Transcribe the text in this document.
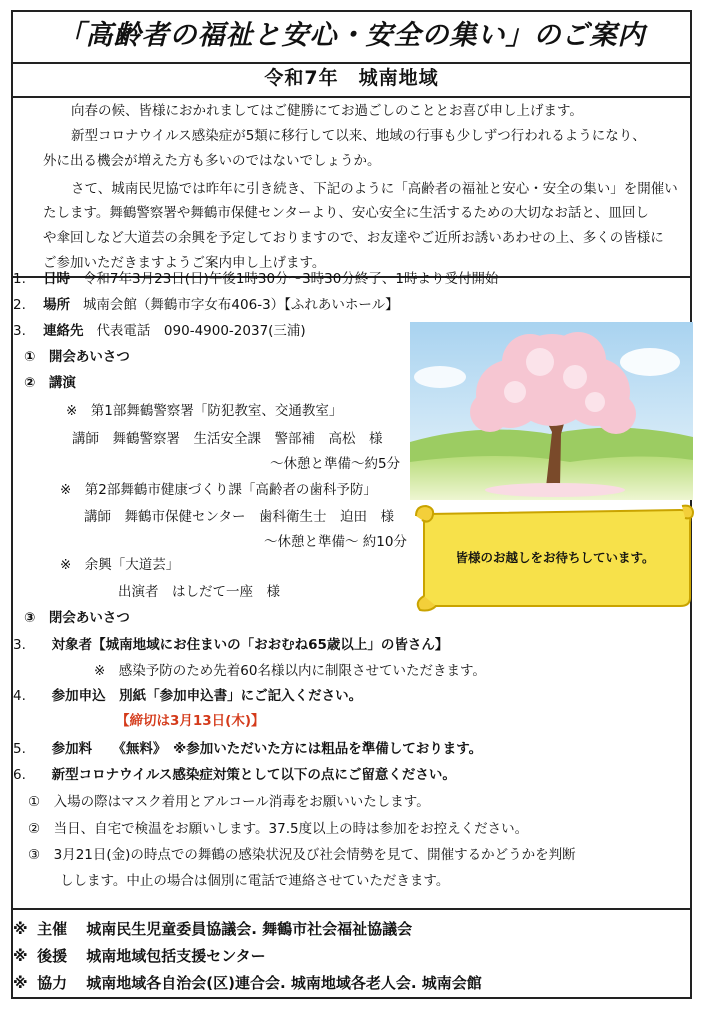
「高齢者の福祉と安心・安全の集い」のご案内
令和7年　城南地域
向春の候、皆様におかれましてはご健勝にてお過ごしのこととお喜び申し上げます。
新型コロナウイルス感染症が5類に移行して以来、地域の行事も少しずつ行われるようになり、
外に出る機会が増えた方も多いのではないでしょうか。
さて、城南民児協では昨年に引き続き、下記のように「高齢者の福祉と安心・安全の集い」を開催い
たします。舞鶴警察署や舞鶴市保健センターより、安心安全に生活するための大切なお話と、皿回し
や傘回しなど大道芸の余興を予定しておりますので、お友達やご近所お誘いあわせの上、多くの皆様に
ご参加いただきますようご案内申し上げます。
※ 主催 城南民生児童委員協議会. 舞鶴市社会福祉協議会
※ 後援 城南地域包括支援センター
※ 協力 城南地域各自治会(区)連合会. 城南地域各老人会. 城南会館
1. 日時 令和7年3月23日(日)午後1時30分～3時30分終了、1時より受付開始
2. 場所 城南会館（舞鶴市字女布406-3）【ふれあいホール】
3. 連絡先 代表電話　090-4900-2037(三浦)
①　開会あいさつ
②　講演
※　第1部舞鶴警察署「防犯教室、交通教室」
講師　舞鶴警察署　生活安全課　警部補　高松　様
～休憩と準備～約5分
※　第2部舞鶴市健康づくり課「高齢者の歯科予防」
講師　舞鶴市保健センター　歯科衛生士　迫田　様
～休憩と準備～ 約10分
※　余興「大道芸」
出演者　はしだて一座　様
③　閉会あいさつ
3. 対象者【城南地域にお住まいの「おおむね65歳以上」の皆さん】
※　感染予防のため先着60名様以内に制限させていただきます。
4. 参加申込　別紙「参加申込書」にご記入ください。
【締切は3月13日(木)】
5. 参加料　　《無料》　※参加いただいた方には粗品を準備しております。
6. 新型コロナウイルス感染症対策として以下の点にご留意ください。
①　入場の際はマスク着用とアルコール消毒をお願いいたします。
②　当日、自宅で検温をお願いします。37.5度以上の時は参加をお控えください。
③　3月21日(金)の時点での舞鶴の感染状況及び社会情勢を見て、開催するかどうかを判断
しします。中止の場合は個別に電話で連絡させていただきます。
皆様のお越しをお待ちしています。
